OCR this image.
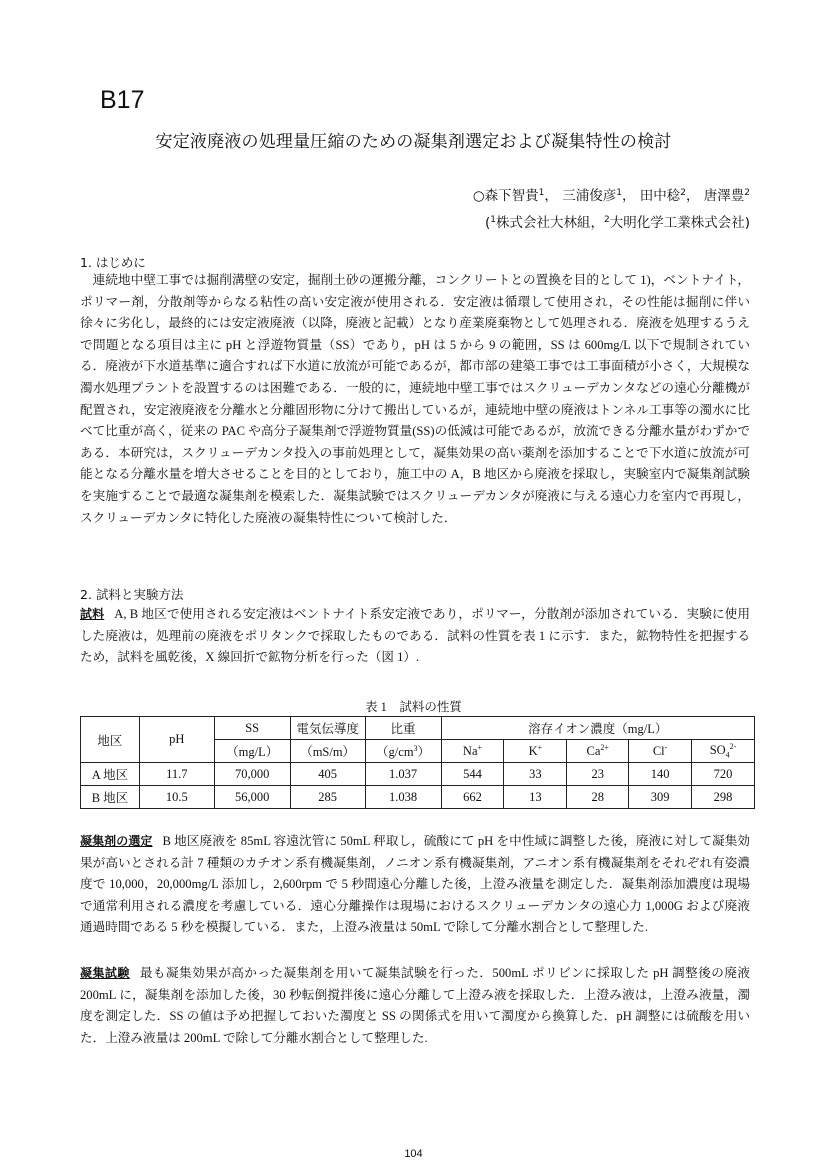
B17
安定液廃液の処理量圧縮のための凝集剤選定および凝集特性の検討
○森下智貴$^1$， 三浦俊彦$^1$， 田中稔$^2$， 唐澤豊$^2$
($^1$株式会社大林組，$^2$大明化学工業株式会社)
1. はじめに
　連続地中壁工事では掘削溝壁の安定，掘削土砂の運搬分離，コンクリートとの置換を目的として 1)，ベントナイト，ポリマー剤，分散剤等からなる粘性の高い安定液が使用される．安定液は循環して使用され，その性能は掘削に伴い徐々に劣化し，最終的には安定液廃液（以降，廃液と記載）となり産業廃棄物として処理される．廃液を処理するうえで問題となる項目は主に pH と浮遊物質量（SS）であり，pH は 5 から 9 の範囲，SS は 600mg/L 以下で規制されている．廃液が下水道基準に適合すれば下水道に放流が可能であるが，都市部の建築工事では工事面積が小さく，大規模な濁水処理プラントを設置するのは困難である．一般的に，連続地中壁工事ではスクリューデカンタなどの遠心分離機が配置され，安定液廃液を分離水と分離固形物に分けて搬出しているが，連続地中壁の廃液はトンネル工事等の濁水に比べて比重が高く，従来の PAC や高分子凝集剤で浮遊物質量(SS)の低減は可能であるが，放流できる分離水量がわずかである．本研究は，スクリューデカンタ投入の事前処理として，凝集効果の高い薬剤を添加することで下水道に放流が可能となる分離水量を増大させることを目的としており，施工中の A，B 地区から廃液を採取し，実験室内で凝集剤試験を実施することで最適な凝集剤を模索した．凝集試験ではスクリューデカンタが廃液に与える遠心力を室内で再現し，スクリューデカンタに特化した廃液の凝集特性について検討した．
2. 試料と実験方法
試料 A, B 地区で使用される安定液はベントナイト系安定液であり，ポリマー，分散剤が添加されている．実験に使用した廃液は，処理前の廃液をポリタンクで採取したものである．試料の性質を表 1 に示す．また，鉱物特性を把握するため，試料を風乾後，X 線回折で鉱物分析を行った（図 1）.
表 1　試料の性質
地区	pH	SS	電気伝導度	比重	溶存イオン濃度（mg/L）				
		（mg/L）	（mS/m）	$(g/cm^3)$	Na+	K+	$Ca^{2+}$	Cl-	$SO_4^{2-}$
A 地区	11.7	70,000	405	1.037	544	33	23	140	720
B 地区	10.5	56,000	285	1.038	662	13	28	309	298
凝集剤の選定 B 地区廃液を 85mL 容遠沈管に 50mL 秤取し，硫酸にて pH を中性域に調整した後，廃液に対して凝集効果が高いとされる計 7 種類のカチオン系有機凝集剤，ノニオン系有機凝集剤，アニオン系有機凝集剤をそれぞれ有姿濃度で 10,000，20,000mg/L 添加し，2,600rpm で 5 秒間遠心分離した後，上澄み液量を測定した．凝集剤添加濃度は現場で通常利用される濃度を考慮している．遠心分離操作は現場におけるスクリューデカンタの遠心力 1,000G および廃液通過時間である 5 秒を模擬している．また，上澄み液量は 50mL で除して分離水割合として整理した.
凝集試験 最も凝集効果が高かった凝集剤を用いて凝集試験を行った．500mL ポリビンに採取した pH 調整後の廃液 200mL に，凝集剤を添加した後，30 秒転倒撹拌後に遠心分離して上澄み液を採取した．上澄み液は，上澄み液量，濁度を測定した．SS の値は予め把握しておいた濁度と SS の関係式を用いて濁度から換算した．pH 調整には硫酸を用いた．上澄み液量は 200mL で除して分離水割合として整理した.
104
